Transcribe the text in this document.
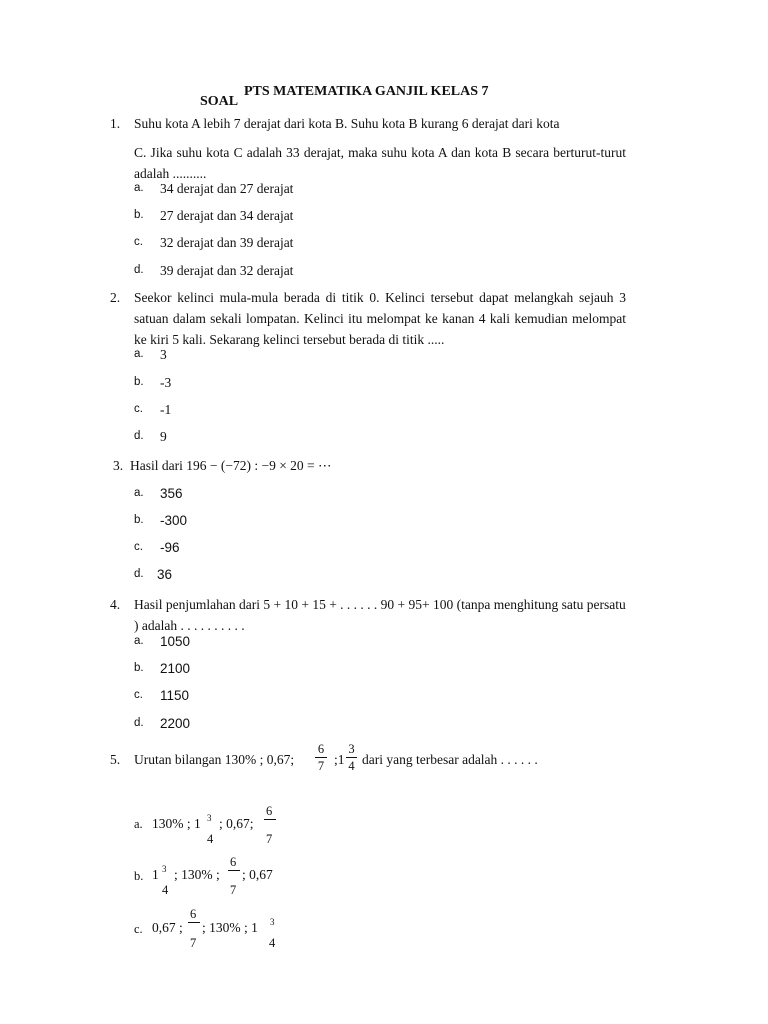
SOAL
PTS MATEMATIKA GANJIL KELAS 7
1. Suhu kota A lebih 7 derajat dari kota B. Suhu kota B kurang 6 derajat dari kota
C. Jika suhu kota C adalah 33 derajat, maka suhu kota A dan kota B secara berturut-turut adalah ..........
a. 34 derajat dan 27 derajat
b. 27 derajat dan 34 derajat
c. 32 derajat dan 39 derajat
d. 39 derajat dan 32 derajat
2. Seekor kelinci mula-mula berada di titik 0. Kelinci tersebut dapat melangkah sejauh 3 satuan dalam sekali lompatan. Kelinci itu melompat ke kanan 4 kali kemudian melompat ke kiri 5 kali. Sekarang kelinci tersebut berada di titik .....
a. 3
b. -3
c. -1
d. 9
3. Hasil dari 196 − (−72) : −9 × 20 = ⋯
a. 356
b. -300
c. -96
d. 36
4. Hasil penjumlahan dari 5 + 10 + 15 + . . . . . . 90 + 95+ 100 (tanpa menghitung satu persatu ) adalah . . . . . . . . . .
a. 1050
b. 2100
c. 1150
d. 2200
5. Urutan bilangan 130% ; 0,67;
6
7 ;1
3
4 dari yang terbesar adalah . . . . . .
a. 130% ; 1 3
4
; 0,67;
6
7
b. 1 3
4
; 130% ;
6
7
; 0,67
c. 0,67 ;
6
7
; 130% ; 1 3
4
